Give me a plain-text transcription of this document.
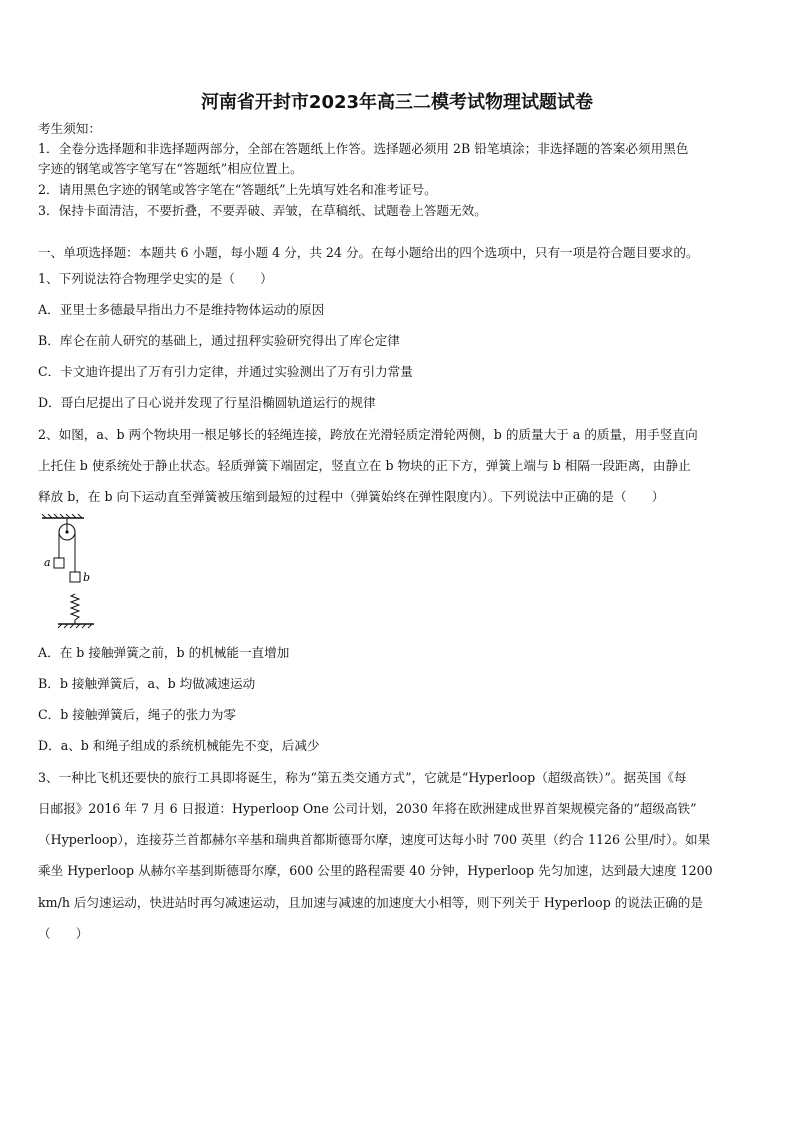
河南省开封市2023年高三二模考试物理试题试卷
考生须知：
1．全卷分选择题和非选择题两部分，全部在答题纸上作答。选择题必须用 2B 铅笔填涂；非选择题的答案必须用黑色
字迹的钢笔或答字笔写在“答题纸”相应位置上。
2．请用黑色字迹的钢笔或答字笔在“答题纸”上先填写姓名和准考证号。
3．保持卡面清洁，不要折叠，不要弄破、弄皱，在草稿纸、试题卷上答题无效。
一、单项选择题：本题共 6 小题，每小题 4 分，共 24 分。在每小题给出的四个选项中，只有一项是符合题目要求的。
1、下列说法符合物理学史实的是（　　）
A．亚里士多德最早指出力不是维持物体运动的原因
B．库仑在前人研究的基础上，通过扭秤实验研究得出了库仑定律
C．卡文迪许提出了万有引力定律，并通过实验测出了万有引力常量
D．哥白尼提出了日心说并发现了行星沿椭圆轨道运行的规律
2、如图，a、b 两个物块用一根足够长的轻绳连接，跨放在光滑轻质定滑轮两侧，b 的质量大于 a 的质量，用手竖直向
上托住 b 使系统处于静止状态。轻质弹簧下端固定，竖直立在 b 物块的正下方，弹簧上端与 b 相隔一段距离，由静止
释放 b，在 b 向下运动直至弹簧被压缩到最短的过程中（弹簧始终在弹性限度内）。下列说法中正确的是（　　）
a
b
A．在 b 接触弹簧之前，b 的机械能一直增加
B．b 接触弹簧后，a、b 均做减速运动
C．b 接触弹簧后，绳子的张力为零
D．a、b 和绳子组成的系统机械能先不变，后减少
3、一种比飞机还要快的旅行工具即将诞生，称为“第五类交通方式”，它就是“Hyperloop（超级高铁）”。据英国《每
日邮报》2016 年 7 月 6 日报道：Hyperloop One 公司计划，2030 年将在欧洲建成世界首架规模完备的“超级高铁”
（Hyperloop），连接芬兰首都赫尔辛基和瑞典首都斯德哥尔摩，速度可达每小时 700 英里（约合 1126 公里/时）。如果
乘坐 Hyperloop 从赫尔辛基到斯德哥尔摩，600 公里的路程需要 40 分钟，Hyperloop 先匀加速，达到最大速度 1200
km/h 后匀速运动，快进站时再匀减速运动，且加速与减速的加速度大小相等，则下列关于 Hyperloop 的说法正确的是
（　　）
